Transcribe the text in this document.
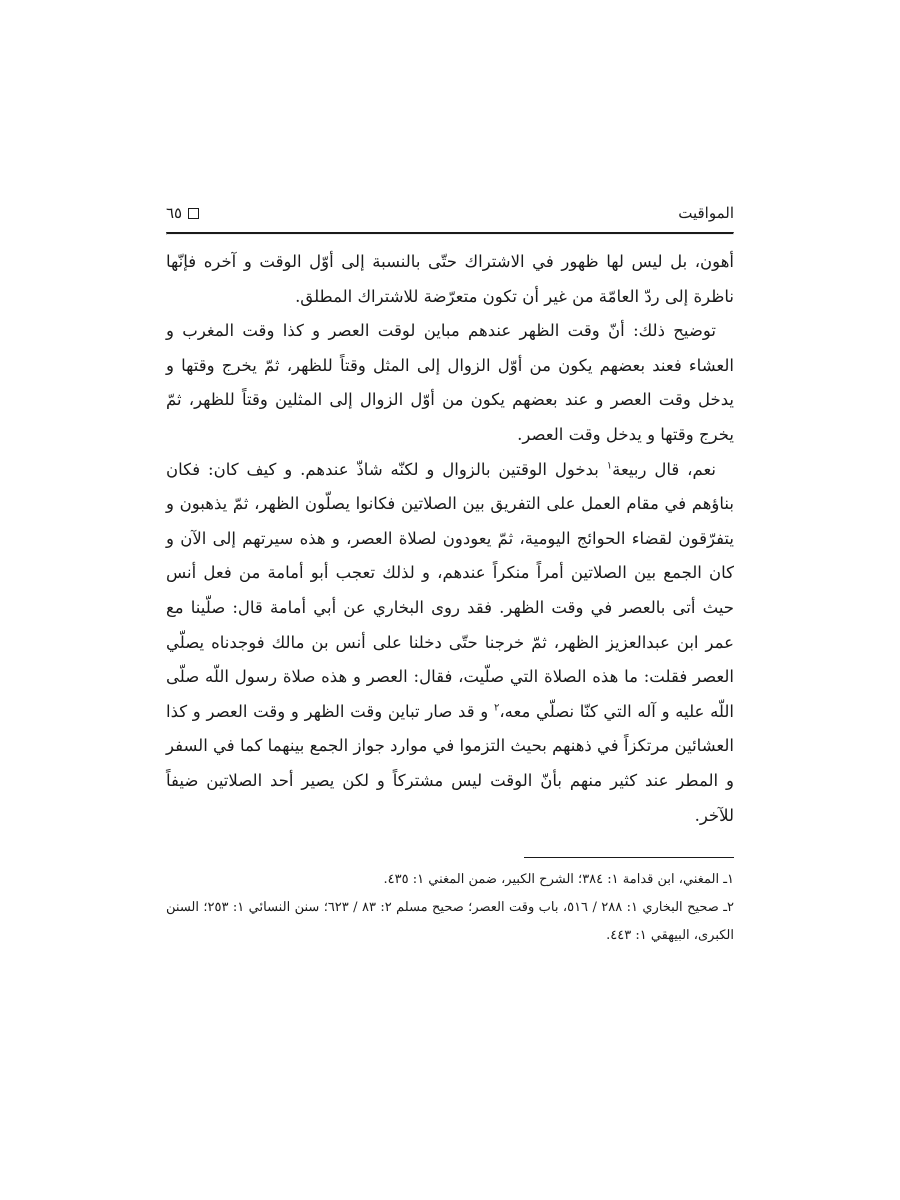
المواقيت
٦٥

أهون، بل ليس لها ظهور في الاشتراك حتّى بالنسبة إلى أوّل الوقت و آخره فإنّها ناظرة إلى ردّ العامّة من غير أن تكون متعرّضة للاشتراك المطلق.

توضيح ذلك: أنّ وقت الظهر عندهم مباين لوقت العصر و كذا وقت المغرب و العشاء فعند بعضهم يكون من أوّل الزوال إلى المثل وقتاً للظهر، ثمّ يخرج وقتها و يدخل وقت العصر و عند بعضهم يكون من أوّل الزوال إلى المثلين وقتاً للظهر، ثمّ يخرج وقتها و يدخل وقت العصر.

نعم، قال ربيعة$^١$ بدخول الوقتين بالزوال و لكنّه شاذّ عندهم. و كيف كان: فكان بناؤهم في مقام العمل على التفريق بين الصلاتين فكانوا يصلّون الظهر، ثمّ يذهبون و يتفرّقون لقضاء الحوائج اليومية، ثمّ يعودون لصلاة العصر، و هذه سيرتهم إلى الآن و كان الجمع بين الصلاتين أمراً منكراً عندهم، و لذلك تعجب أبو أمامة من فعل أنس حيث أتى بالعصر في وقت الظهر. فقد روى البخاري عن أبي أمامة قال: صلّينا مع عمر ابن عبدالعزيز الظهر، ثمّ خرجنا حتّى دخلنا على أنس بن مالك فوجدناه يصلّي العصر فقلت: ما هذه الصلاة التي صلّيت، فقال: العصر و هذه صلاة رسول اللّه صلّى اللّه عليه و آله التي كنّا نصلّي معه،$^٢$ و قد صار تباين وقت الظهر و وقت العصر و كذا العشائين مرتكزاً في ذهنهم بحيث التزموا في موارد جواز الجمع بينهما كما في السفر و المطر عند كثير منهم بأنّ الوقت ليس مشتركاً و لكن يصير أحد الصلاتين ضيفاً للآخر.

١ـ المغني، ابن قدامة ١: ٣٨٤؛ الشرح الكبير، ضمن المغني ١: ٤٣٥.

٢ـ صحيح البخاري ١: ٢٨٨ / ٥١٦، باب وقت العصر؛ صحيح مسلم ٢: ٨٣ / ٦٢٣؛ سنن النسائي ١: ٢٥٣؛ السنن الكبرى، البيهقي ١: ٤٤٣.
